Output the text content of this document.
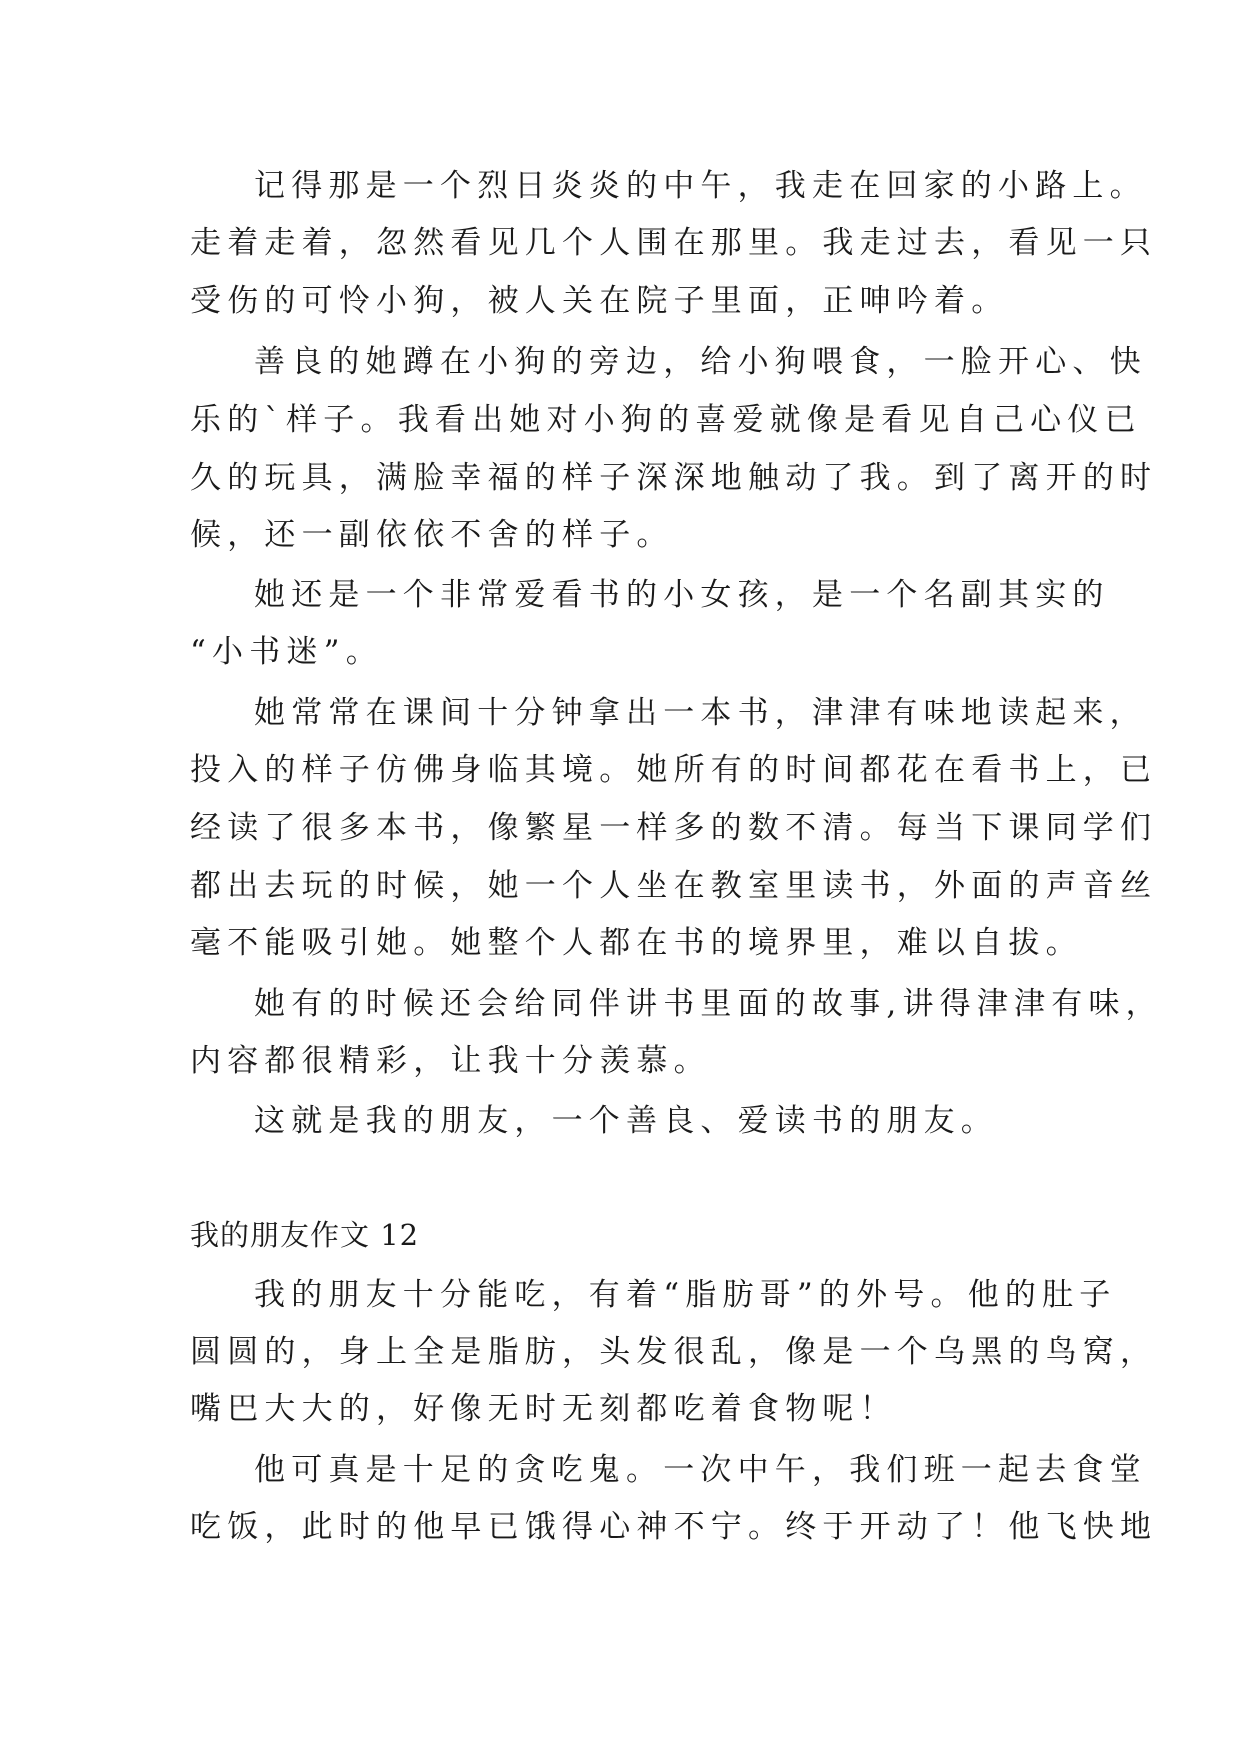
记得那是一个烈日炎炎的中午，我走在回家的小路上。
走着走着，忽然看见几个人围在那里。我走过去，看见一只
受伤的可怜小狗，被人关在院子里面，正呻吟着。
善良的她蹲在小狗的旁边，给小狗喂食，一脸开心、快
乐的`样子。我看出她对小狗的喜爱就像是看见自己心仪已
久的玩具，满脸幸福的样子深深地触动了我。到了离开的时
候，还一副依依不舍的样子。
她还是一个非常爱看书的小女孩，是一个名副其实的
“小书迷”。
她常常在课间十分钟拿出一本书，津津有味地读起来，
投入的样子仿佛身临其境。她所有的时间都花在看书上，已
经读了很多本书，像繁星一样多的数不清。每当下课同学们
都出去玩的时候，她一个人坐在教室里读书，外面的声音丝
毫不能吸引她。她整个人都在书的境界里，难以自拔。
她有的时候还会给同伴讲书里面的故事,讲得津津有味，
内容都很精彩，让我十分羡慕。
这就是我的朋友，一个善良、爱读书的朋友。
我的朋友作文 12
我的朋友十分能吃，有着“脂肪哥”的外号。他的肚子
圆圆的，身上全是脂肪，头发很乱，像是一个乌黑的鸟窝，
嘴巴大大的，好像无时无刻都吃着食物呢！
他可真是十足的贪吃鬼。一次中午，我们班一起去食堂
吃饭，此时的他早已饿得心神不宁。终于开动了！他飞快地
